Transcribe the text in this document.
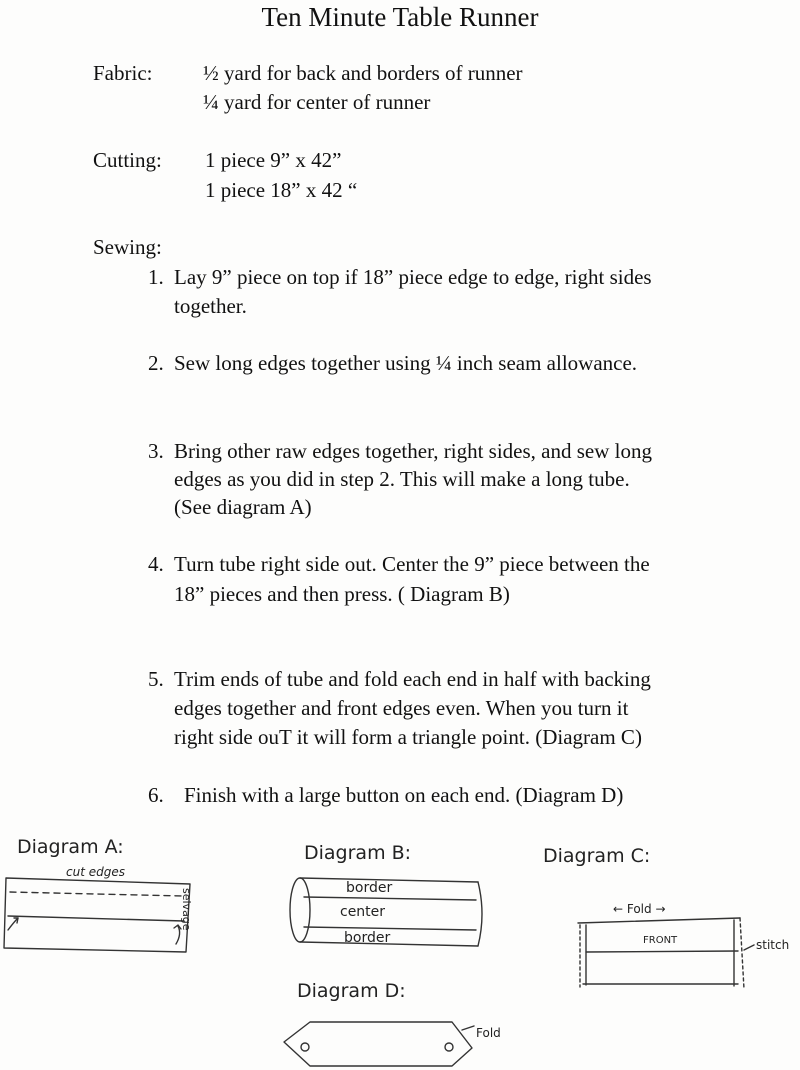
Ten Minute Table Runner
Fabric: ½ yard for back and borders of runner
¼ yard for center of runner
Cutting: 1 piece 9” x 42”
1 piece 18” x 42 “
Sewing:
1. Lay 9” piece on top if 18” piece edge to edge, right sides
together.
2. Sew long edges together using ¼ inch seam allowance.
3. Bring other raw edges together, right sides, and sew long
edges as you did in step 2. This will make a long tube.
(See diagram A)
4. Turn tube right side out. Center the 9” piece between the
18” pieces and then press. ( Diagram B)
5. Trim ends of tube and fold each end in half with backing
edges together and front edges even. When you turn it
right side ouT it will form a triangle point. (Diagram C)
6. Finish with a large button on each end. (Diagram D)
Diagram A:
cut edges
selvage
Diagram B:
border
center
border
Diagram C:
← Fold →
FRONT	stitch
Diagram D:
Fold
